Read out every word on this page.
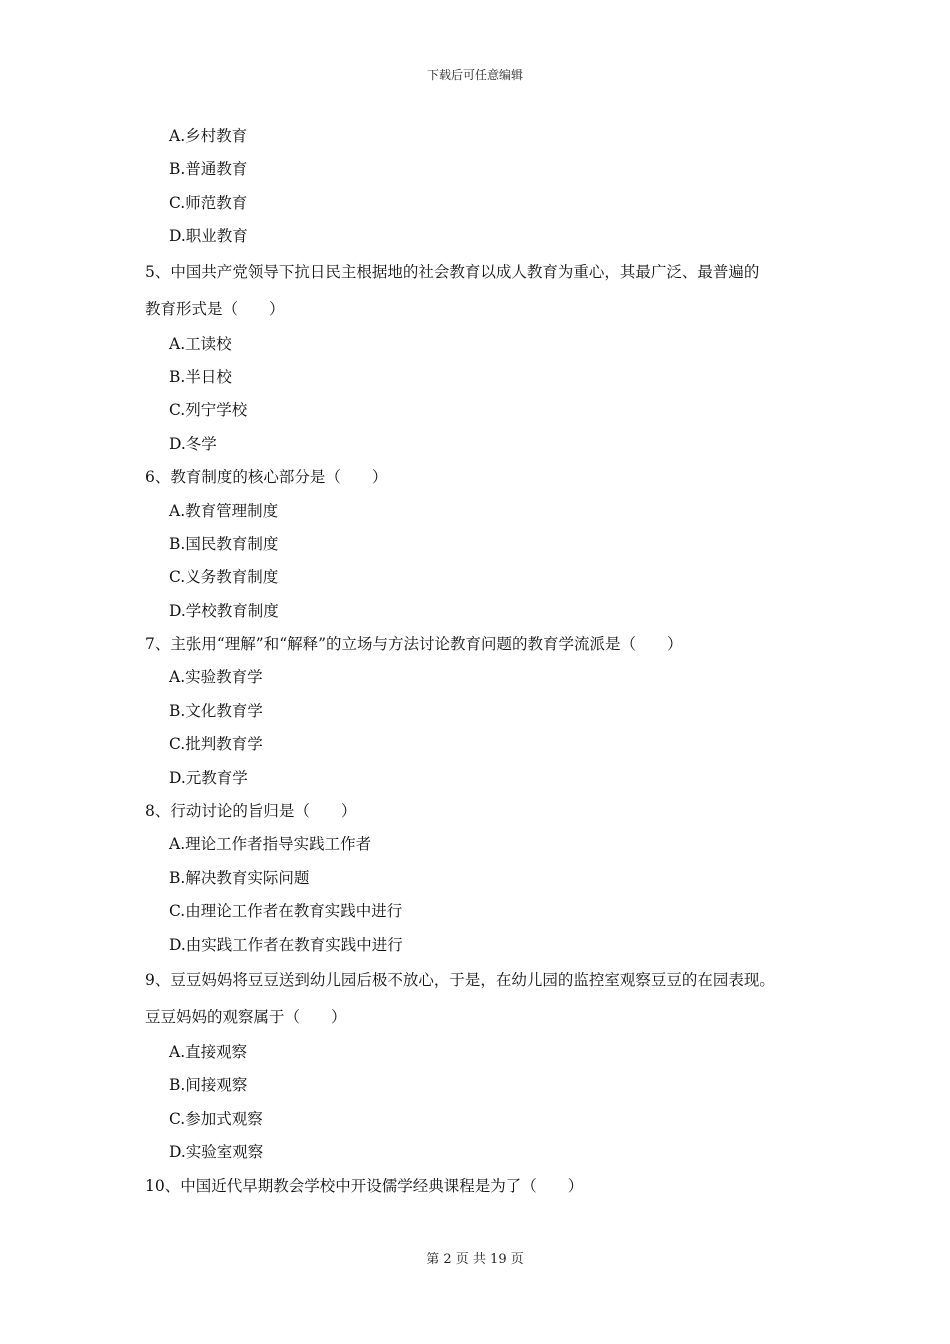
下载后可任意编辑
A.乡村教育
B.普通教育
C.师范教育
D.职业教育
5、中国共产党领导下抗日民主根据地的社会教育以成人教育为重心，其最广泛、最普遍的
教育形式是（　　）
A.工读校
B.半日校
C.列宁学校
D.冬学
6、教育制度的核心部分是（　　）
A.教育管理制度
B.国民教育制度
C.义务教育制度
D.学校教育制度
7、主张用“理解”和“解释”的立场与方法讨论教育问题的教育学流派是（　　）
A.实验教育学
B.文化教育学
C.批判教育学
D.元教育学
8、行动讨论的旨归是（　　）
A.理论工作者指导实践工作者
B.解决教育实际问题
C.由理论工作者在教育实践中进行
D.由实践工作者在教育实践中进行
9、豆豆妈妈将豆豆送到幼儿园后极不放心，于是，在幼儿园的监控室观察豆豆的在园表现。
豆豆妈妈的观察属于（　　）
A.直接观察
B.间接观察
C.参加式观察
D.实验室观察
10、中国近代早期教会学校中开设儒学经典课程是为了（　　）
第 2 页 共 19 页
